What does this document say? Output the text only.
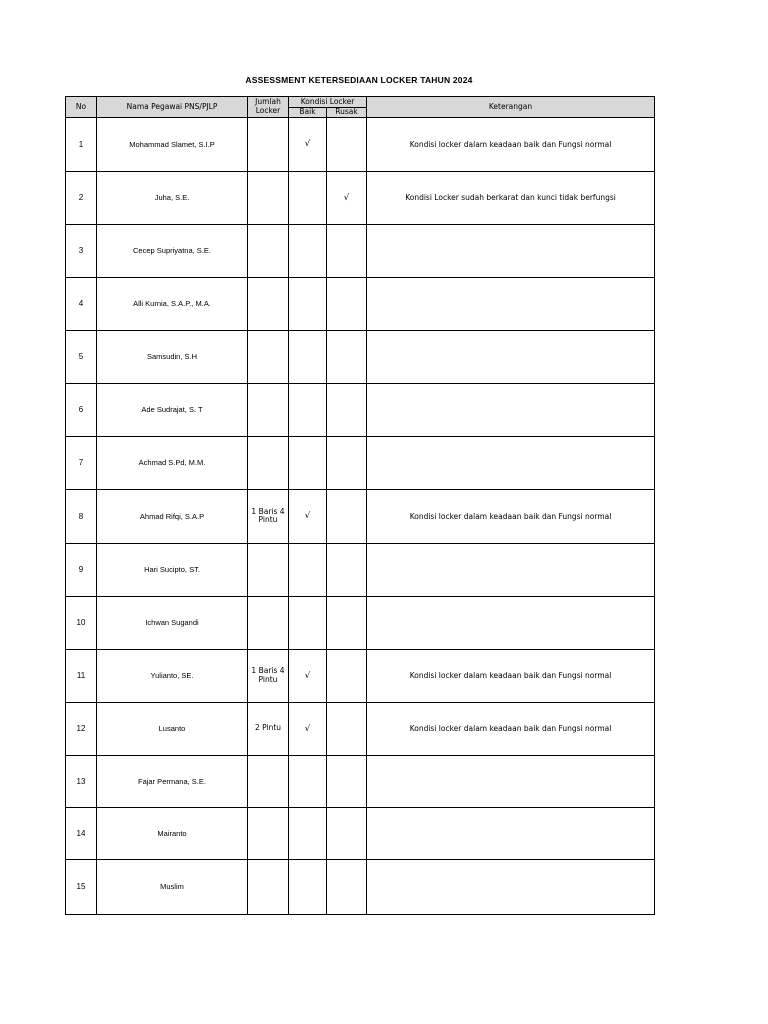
ASSESSMENT KETERSEDIAAN LOCKER TAHUN 2024
No	Nama Pegawai PNS/PJLP	Jumlah Locker	Kondisi Locker		Keterangan
			Baik	Rusak	
1	Mohammad Slamet, S.I.P		√		Kondisi locker dalam keadaan baik dan Fungsi normal
2	Juha, S.E.			√	Kondisi Locker sudah berkarat dan kunci tidak berfungsi
3	Cecep Supriyatna, S.E.				
4	Alli Kurnia, S.A.P., M.A.				
5	Samsudin, S.H				
6	Ade Sudrajat, S. T				
7	Achmad S.Pd, M.M.				
8	Ahmad Rifqi, S.A.P	1 Baris 4 Pintu	√		Kondisi locker dalam keadaan baik dan Fungsi normal
9	Hari Sucipto, ST.				
10	Ichwan Sugandi				
11	Yulianto, SE.	1 Baris 4 Pintu	√		Kondisi locker dalam keadaan baik dan Fungsi normal
12	Lusanto	2 Pintu	√		Kondisi locker dalam keadaan baik dan Fungsi normal
13	Fajar Permana, S.E.				
14	Mairanto				
15	Muslim				
